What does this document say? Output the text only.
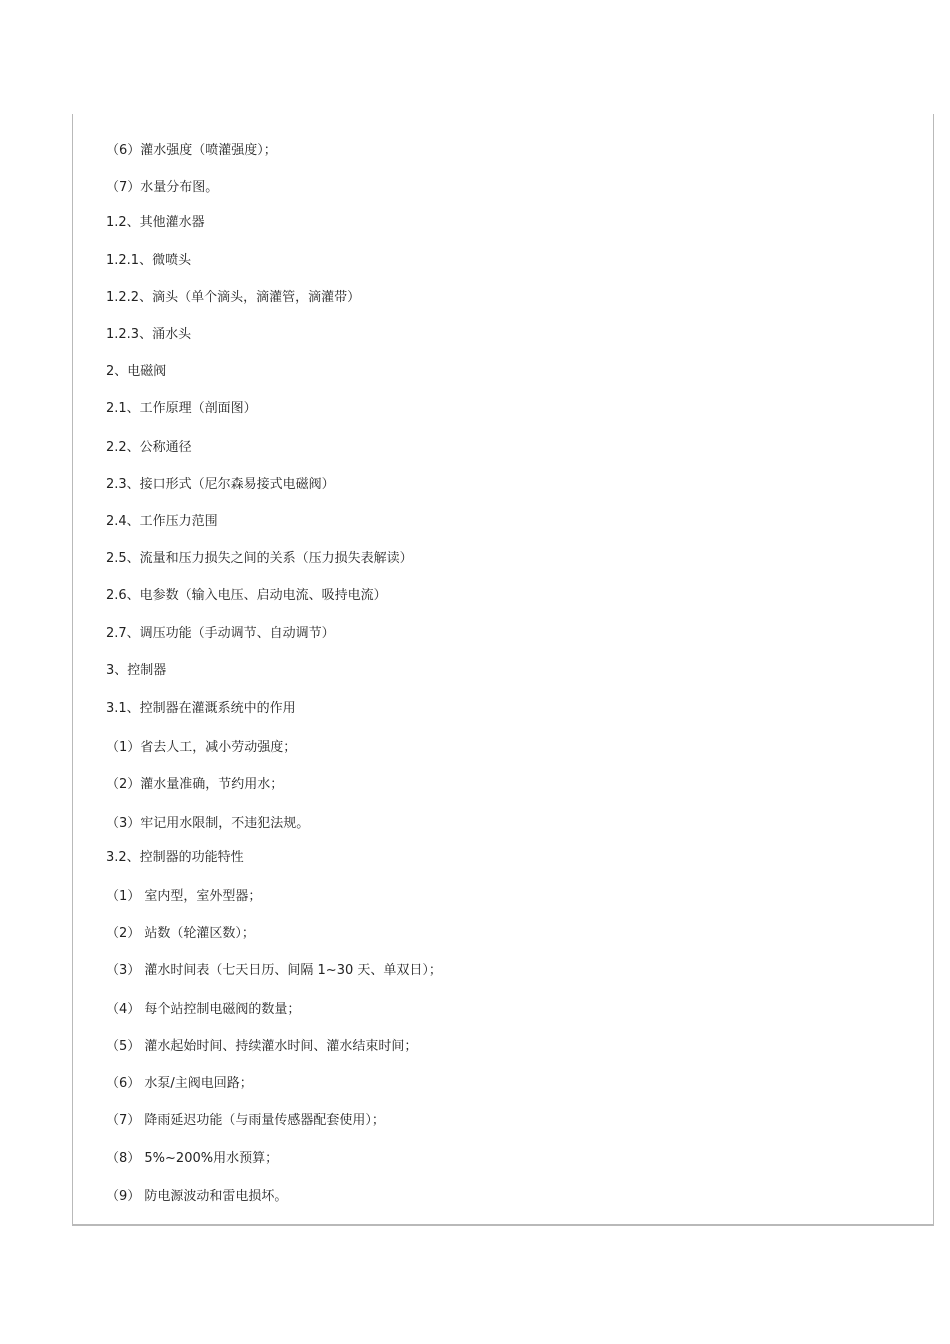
（6）灌水强度（喷灌强度）；
（7）水量分布图。
1.2、其他灌水器
1.2.1、微喷头
1.2.2、滴头（单个滴头，滴灌管，滴灌带）
1.2.3、涌水头
2、电磁阀
2.1、工作原理（剖面图）
2.2、公称通径
2.3、接口形式（尼尔森易接式电磁阀）
2.4、工作压力范围
2.5、流量和压力损失之间的关系（压力损失表解读）
2.6、电参数（输入电压、启动电流、吸持电流）
2.7、调压功能（手动调节、自动调节）
3、控制器
3.1、控制器在灌溉系统中的作用
（1）省去人工，减小劳动强度；
（2）灌水量准确，节约用水；
（3）牢记用水限制，不违犯法规。
3.2、控制器的功能特性
（1） 室内型，室外型器；
（2） 站数（轮灌区数）；
（3） 灌水时间表（七天日历、间隔 1~30 天、单双日）；
（4） 每个站控制电磁阀的数量；
（5） 灌水起始时间、持续灌水时间、灌水结束时间；
（6） 水泵/主阀电回路；
（7） 降雨延迟功能（与雨量传感器配套使用）；
（8） 5%~200%用水预算；
（9） 防电源波动和雷电损坏。
